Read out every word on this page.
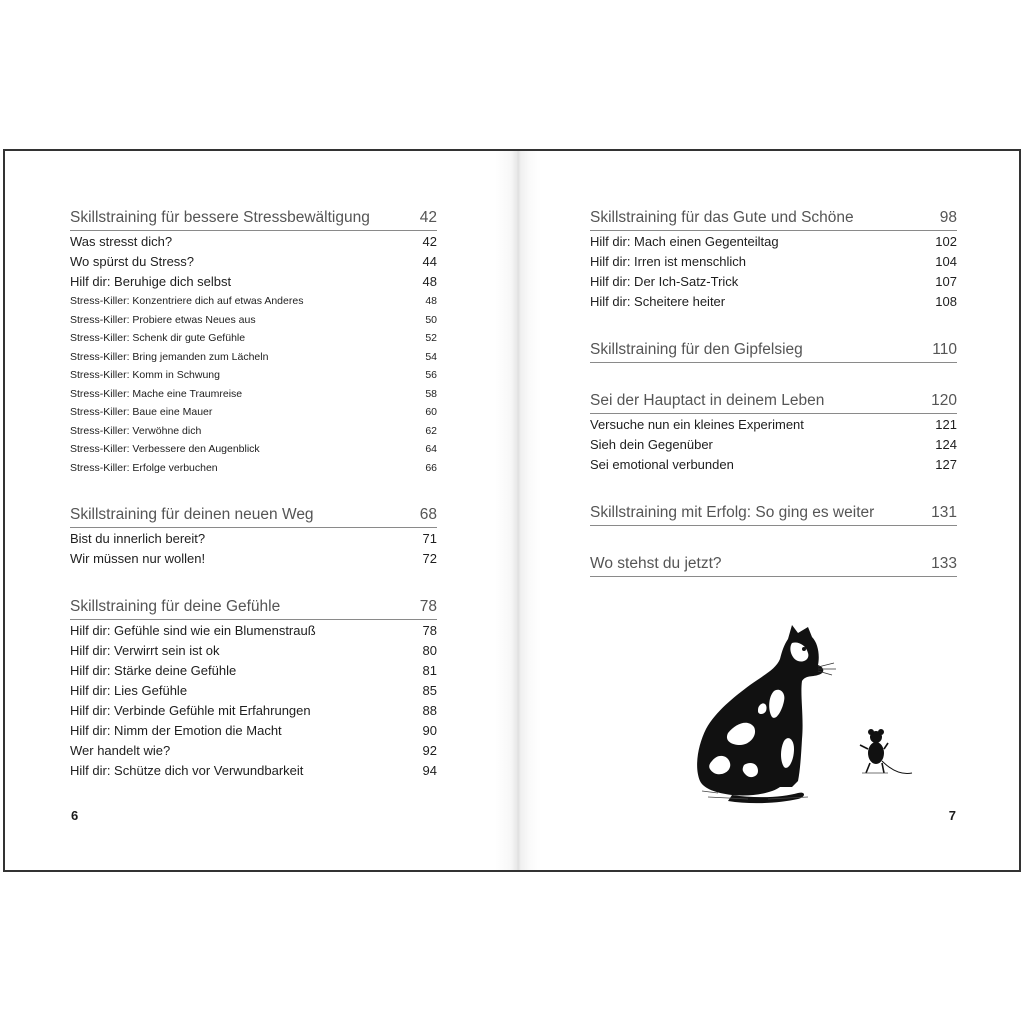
Skillstraining für bessere Stressbewältigung	42
Was stresst dich?	42
Wo spürst du Stress?	44
Hilf dir: Beruhige dich selbst	48
Stress-Killer: Konzentriere dich auf etwas Anderes	48
Stress-Killer: Probiere etwas Neues aus	50
Stress-Killer: Schenk dir gute Gefühle	52
Stress-Killer: Bring jemanden zum Lächeln	54
Stress-Killer: Komm in Schwung	56
Stress-Killer: Mache eine Traumreise	58
Stress-Killer: Baue eine Mauer	60
Stress-Killer: Verwöhne dich	62
Stress-Killer: Verbessere den Augenblick	64
Stress-Killer: Erfolge verbuchen	66
Skillstraining für deinen neuen Weg	68
Bist du innerlich bereit?	71
Wir müssen nur wollen!	72
Skillstraining für deine Gefühle	78
Hilf dir: Gefühle sind wie ein Blumenstrauß	78
Hilf dir: Verwirrt sein ist ok	80
Hilf dir: Stärke deine Gefühle	81
Hilf dir: Lies Gefühle	85
Hilf dir: Verbinde Gefühle mit Erfahrungen	88
Hilf dir: Nimm der Emotion die Macht	90
Wer handelt wie?	92
Hilf dir: Schütze dich vor Verwundbarkeit	94
6
Skillstraining für das Gute und Schöne	98
Hilf dir: Mach einen Gegenteiltag	102
Hilf dir: Irren ist menschlich	104
Hilf dir: Der Ich-Satz-Trick	107
Hilf dir: Scheitere heiter	108
Skillstraining für den Gipfelsieg	110
Sei der Hauptact in deinem Leben	120
Versuche nun ein kleines Experiment	121
Sieh dein Gegenüber	124
Sei emotional verbunden	127
Skillstraining mit Erfolg: So ging es weiter	131
Wo stehst du jetzt?	133
7
